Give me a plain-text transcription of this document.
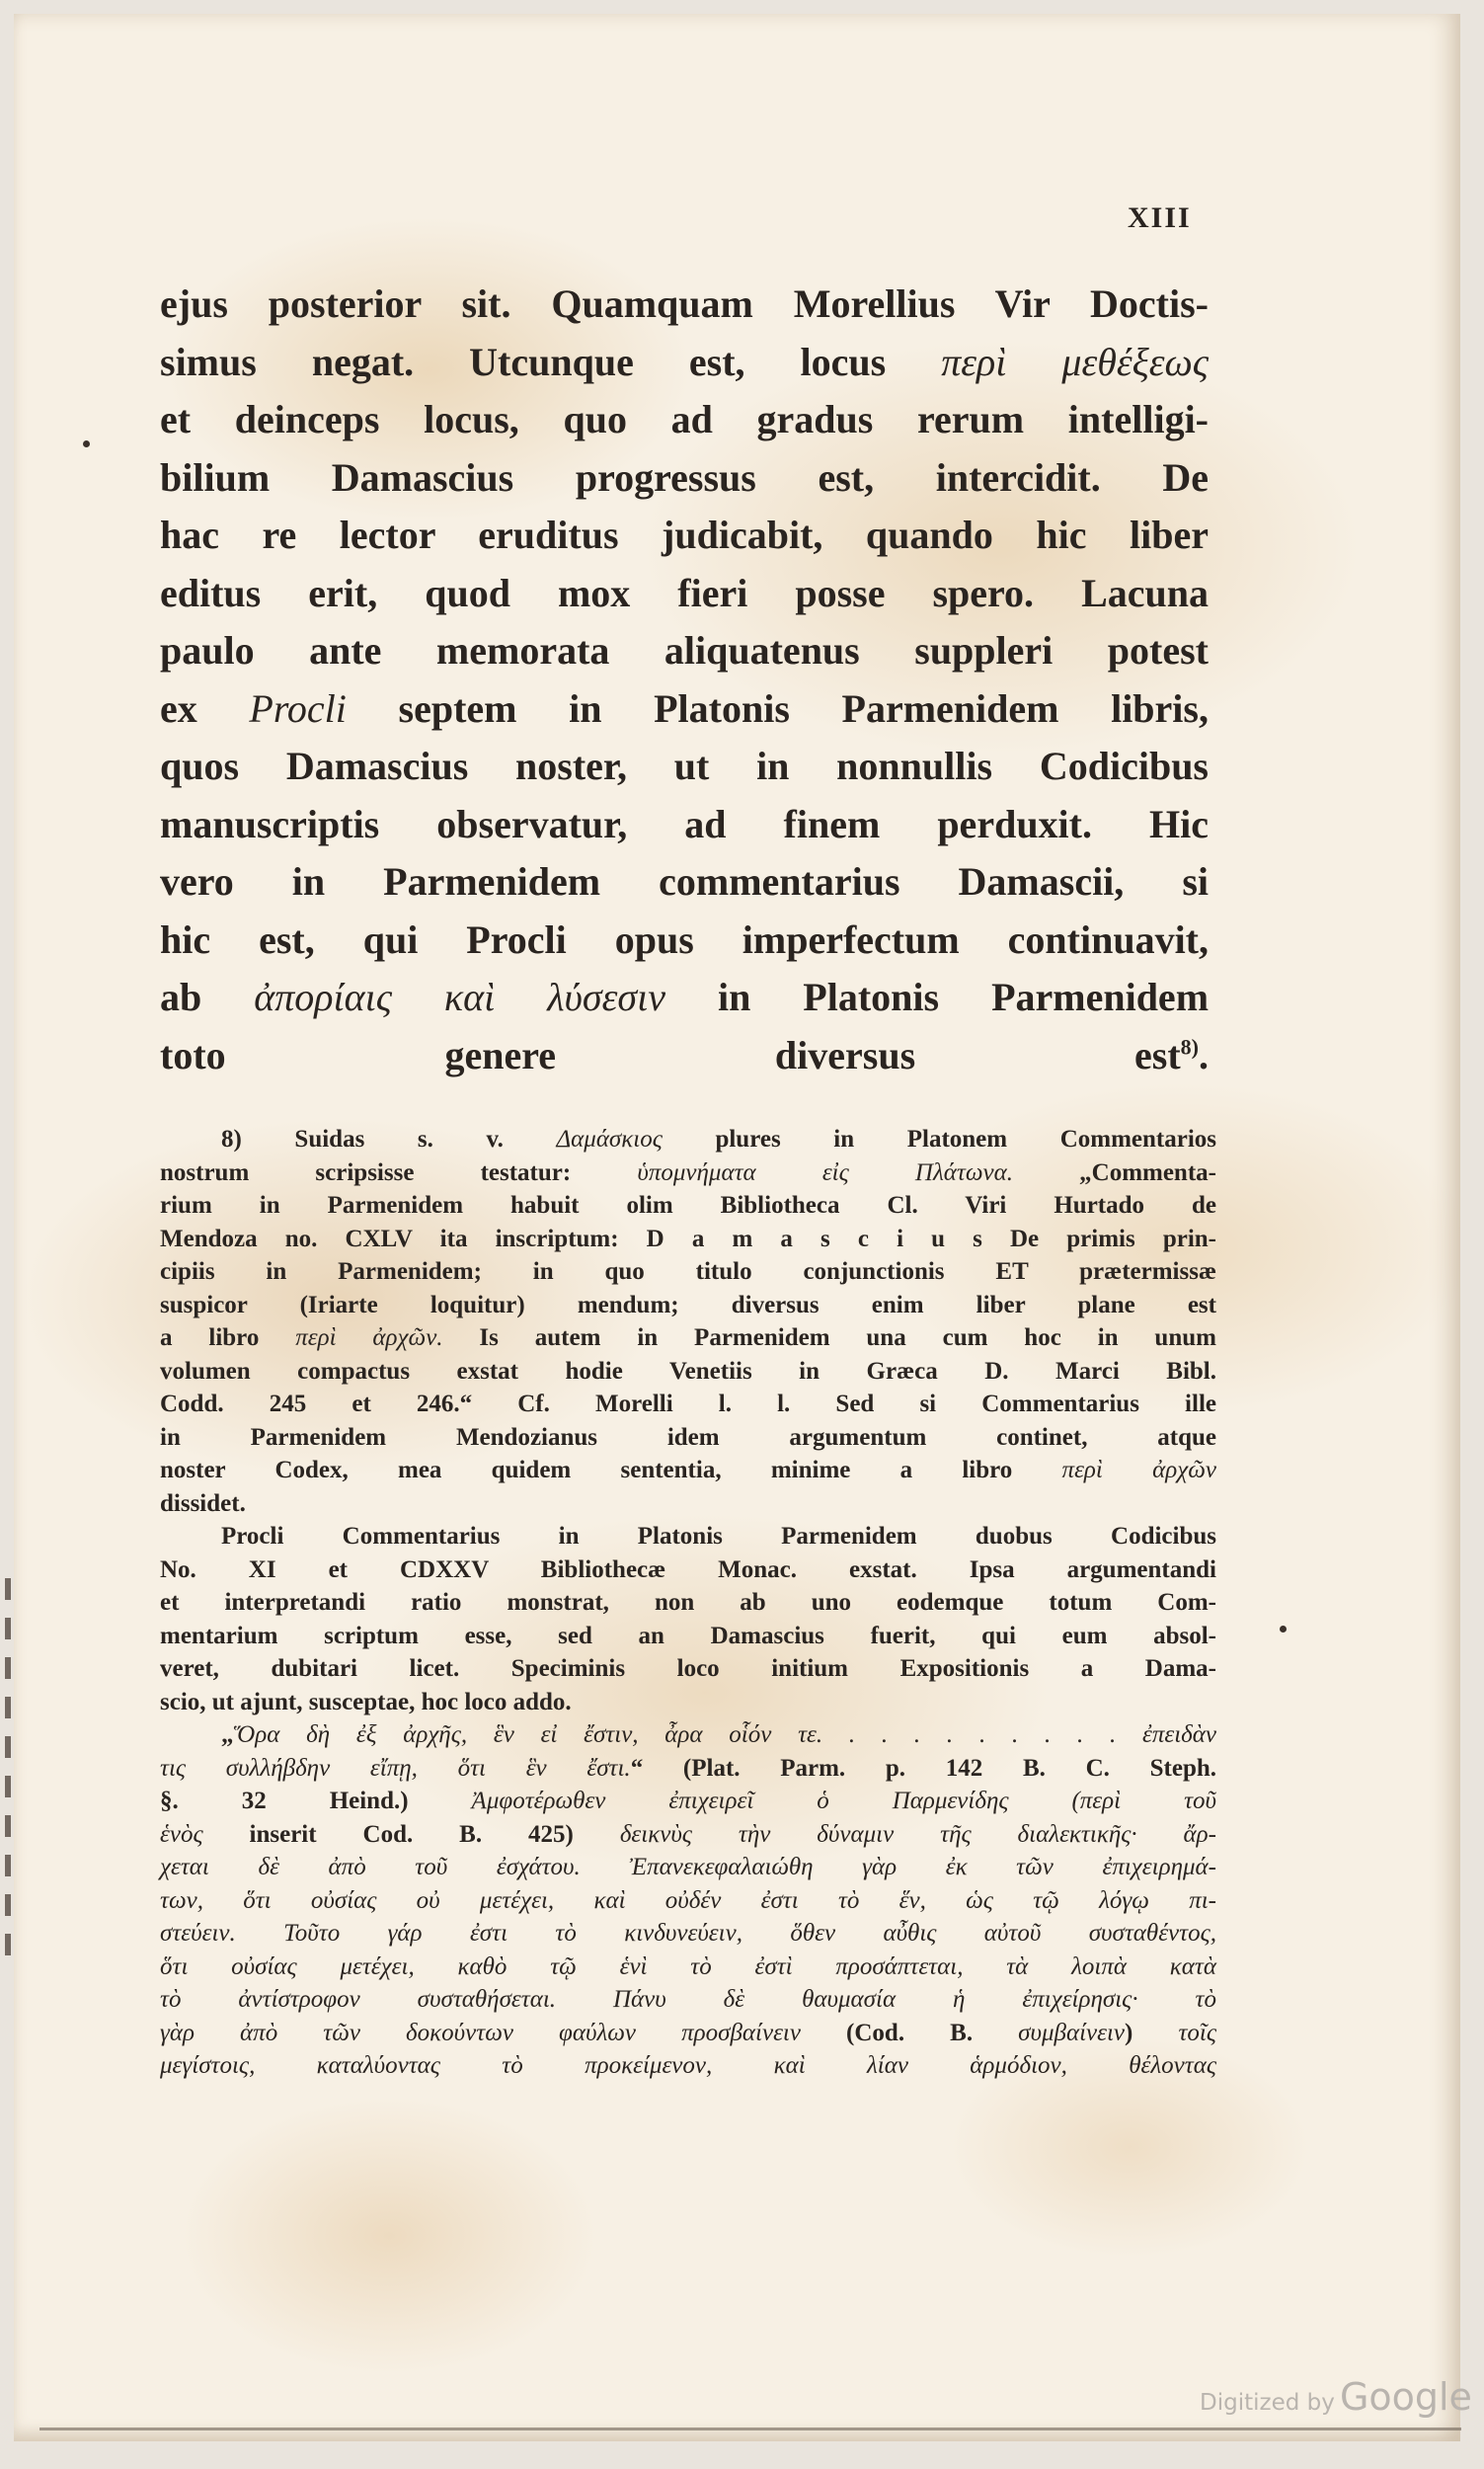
XIII
ejus posterior sit. Quamquam Morellius Vir Doctis-
simus negat. Utcunque est, locus περὶ μεθέξεως
et deinceps locus, quo ad gradus rerum intelligi-
bilium Damascius progressus est, intercidit. De
hac re lector eruditus judicabit, quando hic liber
editus erit, quod mox fieri posse spero. Lacuna
paulo ante memorata aliquatenus suppleri potest
ex Procli septem in Platonis Parmenidem libris,
quos Damascius noster, ut in nonnullis Codicibus
manuscriptis observatur, ad finem perduxit. Hic
vero in Parmenidem commentarius Damascii, si
hic est, qui Procli opus imperfectum continuavit,
ab ἀπορίαις καὶ λύσεσιν in Platonis Parmenidem
toto genere diversus est$^{8)}$.
8) Suidas s. v. Δαμάσκιος plures in Platonem Commentarios
nostrum scripsisse testatur: ὑπομνήματα εἰς Πλάτωνα. „Commenta-
rium in Parmenidem habuit olim Bibliotheca Cl. Viri Hurtado de
Mendoza no. CXLV ita inscriptum: D a m a s c i u s De primis prin-
cipiis in Parmenidem; in quo titulo conjunctionis ET prætermissæ
suspicor (Iriarte loquitur) mendum; diversus enim liber plane est
a libro περὶ ἀρχῶν. Is autem in Parmenidem una cum hoc in unum
volumen compactus exstat hodie Venetiis in Græca D. Marci Bibl.
Codd. 245 et 246.“ Cf. Morelli l. l. Sed si Commentarius ille
in Parmenidem Mendozianus idem argumentum continet, atque
noster Codex, mea quidem sententia, minime a libro περὶ ἀρχῶν
dissidet.
Procli Commentarius in Platonis Parmenidem duobus Codicibus
No. XI et CDXXV Bibliothecæ Monac. exstat. Ipsa argumentandi
et interpretandi ratio monstrat, non ab uno eodemque totum Com-
mentarium scriptum esse, sed an Damascius fuerit, qui eum absol-
veret, dubitari licet. Speciminis loco initium Expositionis a Dama-
scio, ut ajunt, susceptae, hoc loco addo.
„Ὅρα δὴ ἐξ ἀρχῆς, ἓν εἰ ἔστιν, ἆρα οἷόν τε. . . . . . . . . . ἐπειδὰν
τις συλλήβδην εἴπῃ, ὅτι ἓν ἔστι.“ (Plat. Parm. p. 142 B. C. Steph.
§. 32 Heind.) Ἀμφοτέρωθεν ἐπιχειρεῖ ὁ Παρμενίδης (περὶ τοῦ
ἑνὸς inserit Cod. B. 425) δεικνὺς τὴν δύναμιν τῆς διαλεκτικῆς· ἄρ-
χεται δὲ ἀπὸ τοῦ ἐσχάτου. Ἐπανεκεφαλαιώθη γὰρ ἐκ τῶν ἐπιχειρημά-
των, ὅτι οὐσίας οὐ μετέχει, καὶ οὐδέν ἐστι τὸ ἕν, ὡς τῷ λόγῳ πι-
στεύειν. Τοῦτο γάρ ἐστι τὸ κινδυνεύειν, ὅθεν αὖθις αὐτοῦ συσταθέντος,
ὅτι οὐσίας μετέχει, καθὸ τῷ ἑνὶ τὸ ἐστὶ προσάπτεται, τὰ λοιπὰ κατὰ
τὸ ἀντίστροφον συσταθήσεται. Πάνυ δὲ θαυμασία ἡ ἐπιχείρησις· τὸ
γὰρ ἀπὸ τῶν δοκούντων φαύλων προσβαίνειν (Cod. B. συμβαίνειν) τοῖς
μεγίστοις, καταλύοντας τὸ προκείμενον, καὶ λίαν ἁρμόδιον, θέλοντας
Digitized by Google
